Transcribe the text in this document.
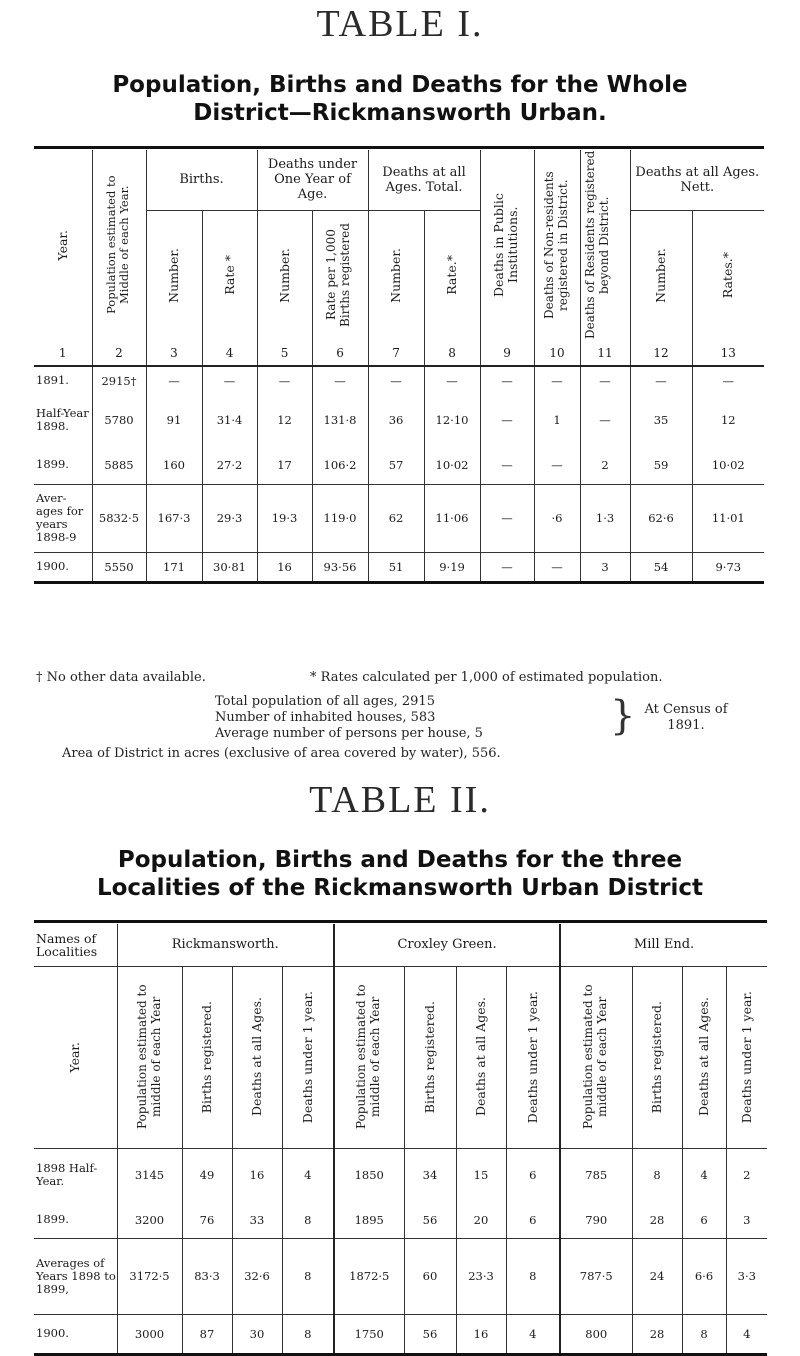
TABLE I.
Population, Births and Deaths for the Whole
District—Rickmansworth Urban.
Year.	Population estimated to Middle of each Year.	Births.		Deaths under One Year of Age.		Deaths at all Ages. Total.		Deaths in Public Institutions.	Deaths of Non-residents registered in District.	Deaths of Residents registered beyond District.	Deaths at all Ages. Nett.	

		Number.	Rate *	Number.	Rate per 1,000 Births registered	Number.	Rate.*				Number.	Rates.*

1	2	3	4	5	6	7	8	9	10	11	12	13
1891.	2915†	—	—	—	—	—	—	—	—	—	—	—
Half-Year 1898.	5780	91	31·4	12	131·8	36	12·10	—	1	—	35	12
1899.	5885	160	27·2	17	106·2	57	10·02	—	—	2	59	10·02
Aver-ages for years 1898-9	5832·5	167·3	29·3	19·3	119·0	62	11·06	—	·6	1·3	62·6	11·01
1900.	5550	171	30·81	16	93·56	51	9·19	—	—	3	54	9·73
† No other data available.	* Rates calculated per 1,000 of estimated population.
Total population of all ages, 2915
Number of inhabited houses, 583
Average number of persons per house, 5	} At Census of 1891.
Area of District in acres (exclusive of area covered by water), 556.
TABLE II.
Population, Births and Deaths for the three
Localities of the Rickmansworth Urban District
Names of Localities	Rickmansworth.				Croxley Green.				Mill End.			

Year.	Population estimated to middle of each Year	Births registered.	Deaths at all Ages.	Deaths under 1 year.	Population estimated to middle of each Year	Births registered.	Deaths at all Ages.	Deaths under 1 year.	Population estimated to middle of each Year	Births registered.	Deaths at all Ages.	Deaths under 1 year.

1898 Half-Year.	3145	49	16	4	1850	34	15	6	785	8	4	2
1899.	3200	76	33	8	1895	56	20	6	790	28	6	3
Averages of Years 1898 to 1899,	3172·5	83·3	32·6	8	1872·5	60	23·3	8	787·5	24	6·6	3·3
1900.	3000	87	30	8	1750	56	16	4	800	28	8	4
